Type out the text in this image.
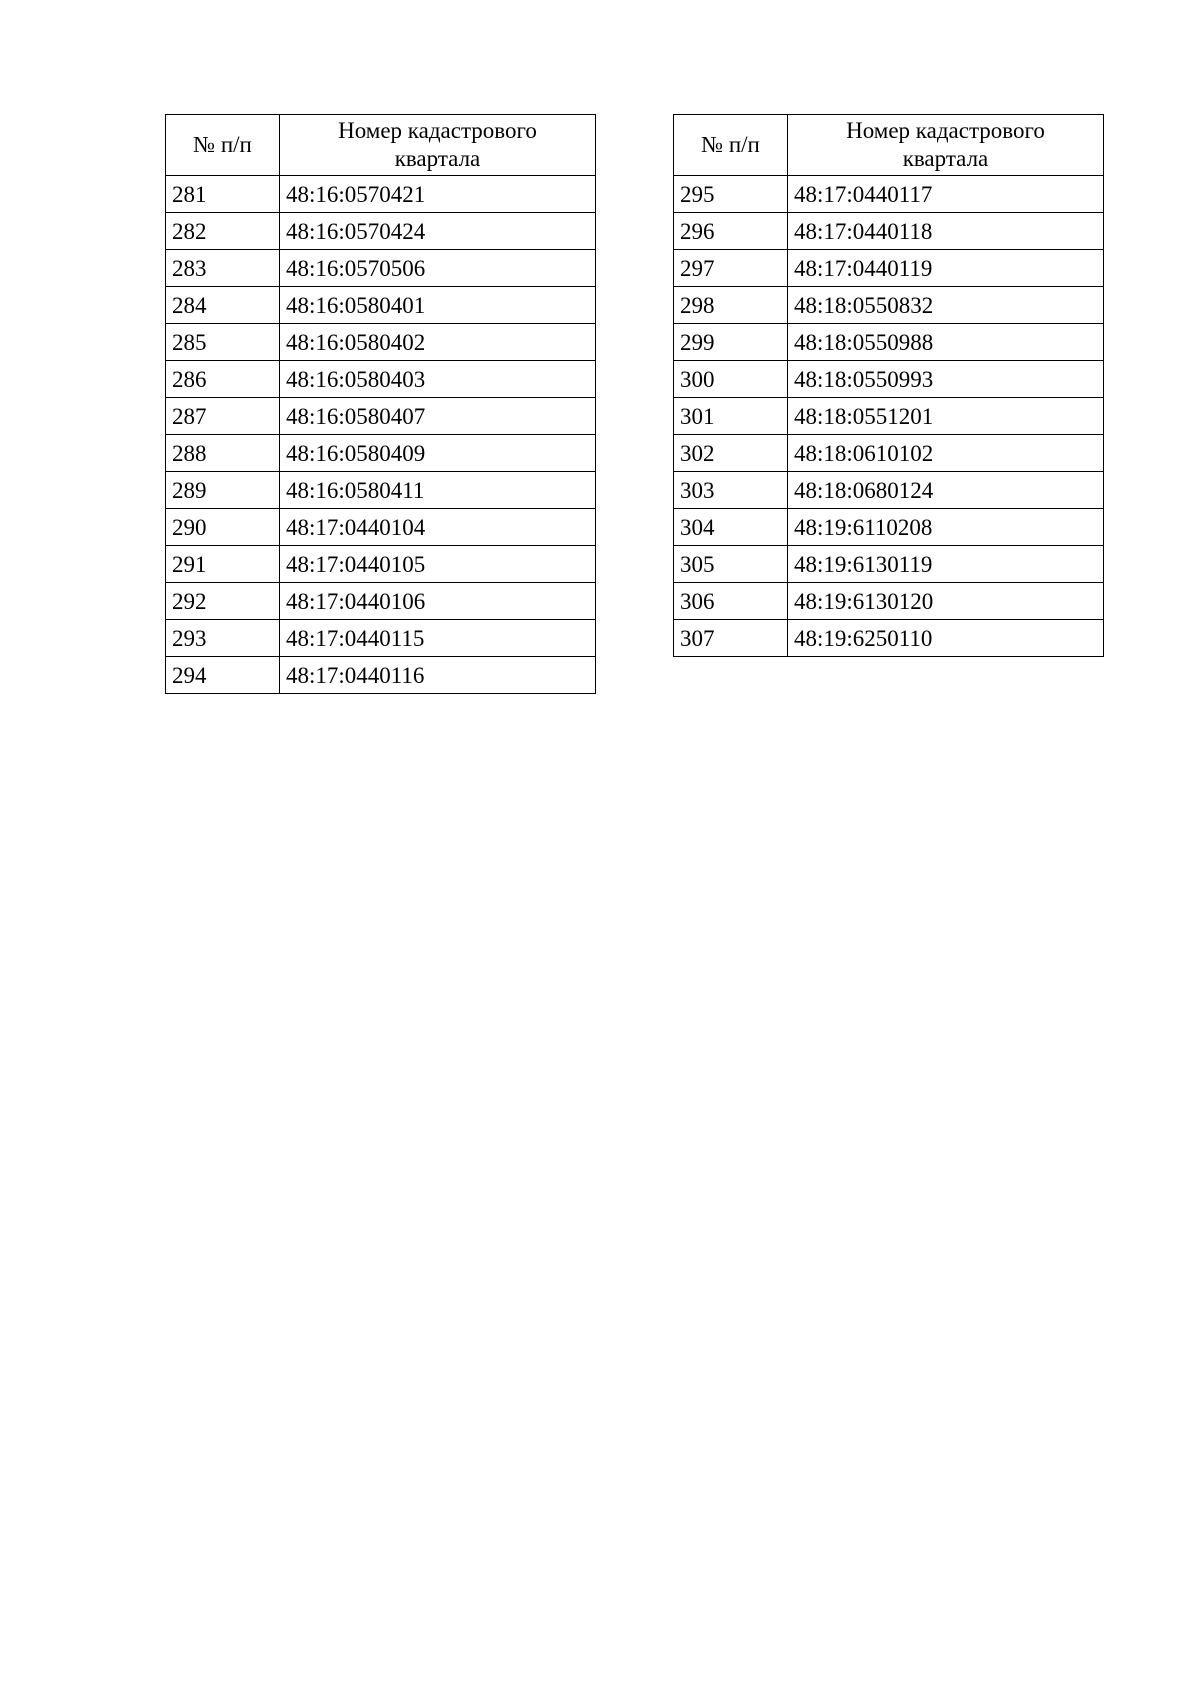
№ п/п	Номер кадастрового
квартала

281	48:16:0570421
282	48:16:0570424
283	48:16:0570506
284	48:16:0580401
285	48:16:0580402
286	48:16:0580403
287	48:16:0580407
288	48:16:0580409
289	48:16:0580411
290	48:17:0440104
291	48:17:0440105
292	48:17:0440106
293	48:17:0440115
294	48:17:0440116
№ п/п	Номер кадастрового
квартала

295	48:17:0440117
296	48:17:0440118
297	48:17:0440119
298	48:18:0550832
299	48:18:0550988
300	48:18:0550993
301	48:18:0551201
302	48:18:0610102
303	48:18:0680124
304	48:19:6110208
305	48:19:6130119
306	48:19:6130120
307	48:19:6250110
